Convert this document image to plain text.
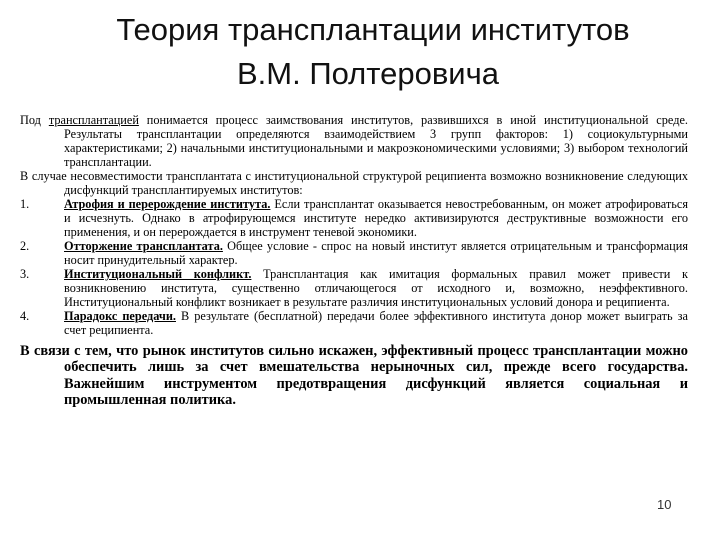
Теория трансплантации институтов
В.М. Полтеровича

Под трансплантацией понимается процесс заимствования институтов, развившихся в иной институциональной среде. Результаты трансплантации определяются взаимодействием 3 групп факторов: 1) социокультурными характеристиками; 2) начальными институциональными и макроэкономическими условиями; 3) выбором технологий трансплантации.

В случае несовместимости трансплантата с институциональной структурой реципиента возможно возникновение следующих дисфункций трансплантируемых институтов:

1.	Атрофия и перерождение института. Если трансплантат оказывается невостребованным, он может атрофироваться и исчезнуть. Однако в атрофирующемся институте нередко активизируются деструктивные возможности его применения, и он перерождается в инструмент теневой экономики.
2.	Отторжение трансплантата. Общее условие - спрос на новый институт является отрицательным и трансформация носит принудительный характер.
3.	Институциональный конфликт. Трансплантация как имитация формальных правил может привести к возникновению института, существенно отличающегося от исходного и, возможно, неэффективного. Институциональный конфликт возникает в результате различия институциональных условий донора и реципиента.
4.	Парадокс передачи. В результате (бесплатной) передачи более эффективного института донор может выиграть за счет реципиента.

В связи с тем, что рынок институтов сильно искажен, эффективный процесс трансплантации можно обеспечить лишь за счет вмешательства нерыночных сил, прежде всего государства. Важнейшим инструментом предотвращения дисфункций является социальная и промышленная политика.

10
